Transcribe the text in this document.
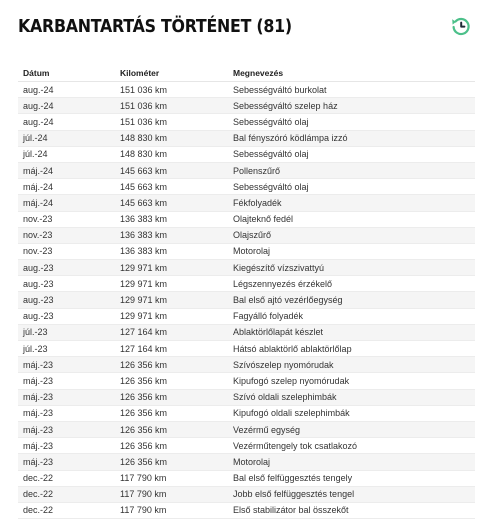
KARBANTARTÁS TÖRTÉNET (81)
Dátum	Kilométer	Megnevezés
aug.-24	151 036 km	Sebességváltó burkolat
aug.-24	151 036 km	Sebességváltó szelep ház
aug.-24	151 036 km	Sebességváltó olaj
júl.-24	148 830 km	Bal fényszóró ködlámpa izzó
júl.-24	148 830 km	Sebességváltó olaj
máj.-24	145 663 km	Pollenszűrő
máj.-24	145 663 km	Sebességváltó olaj
máj.-24	145 663 km	Fékfolyadék
nov.-23	136 383 km	Olajteknő fedél
nov.-23	136 383 km	Olajszűrő
nov.-23	136 383 km	Motorolaj
aug.-23	129 971 km	Kiegészítő vízszivattyú
aug.-23	129 971 km	Légszennyezés érzékelő
aug.-23	129 971 km	Bal első ajtó vezérlőegység
aug.-23	129 971 km	Fagyálló folyadék
júl.-23	127 164 km	Ablaktörlőlapát készlet
júl.-23	127 164 km	Hátsó ablaktörlő ablaktörlőlap
máj.-23	126 356 km	Szívószelep nyomórudak
máj.-23	126 356 km	Kipufogó szelep nyomórudak
máj.-23	126 356 km	Szívó oldali szelephimbák
máj.-23	126 356 km	Kipufogó oldali szelephimbák
máj.-23	126 356 km	Vezérmű egység
máj.-23	126 356 km	Vezérműtengely tok csatlakozó
máj.-23	126 356 km	Motorolaj
dec.-22	117 790 km	Bal első felfüggesztés tengely
dec.-22	117 790 km	Jobb első felfüggesztés tengel
dec.-22	117 790 km	Első stabilizátor bal összekőt
